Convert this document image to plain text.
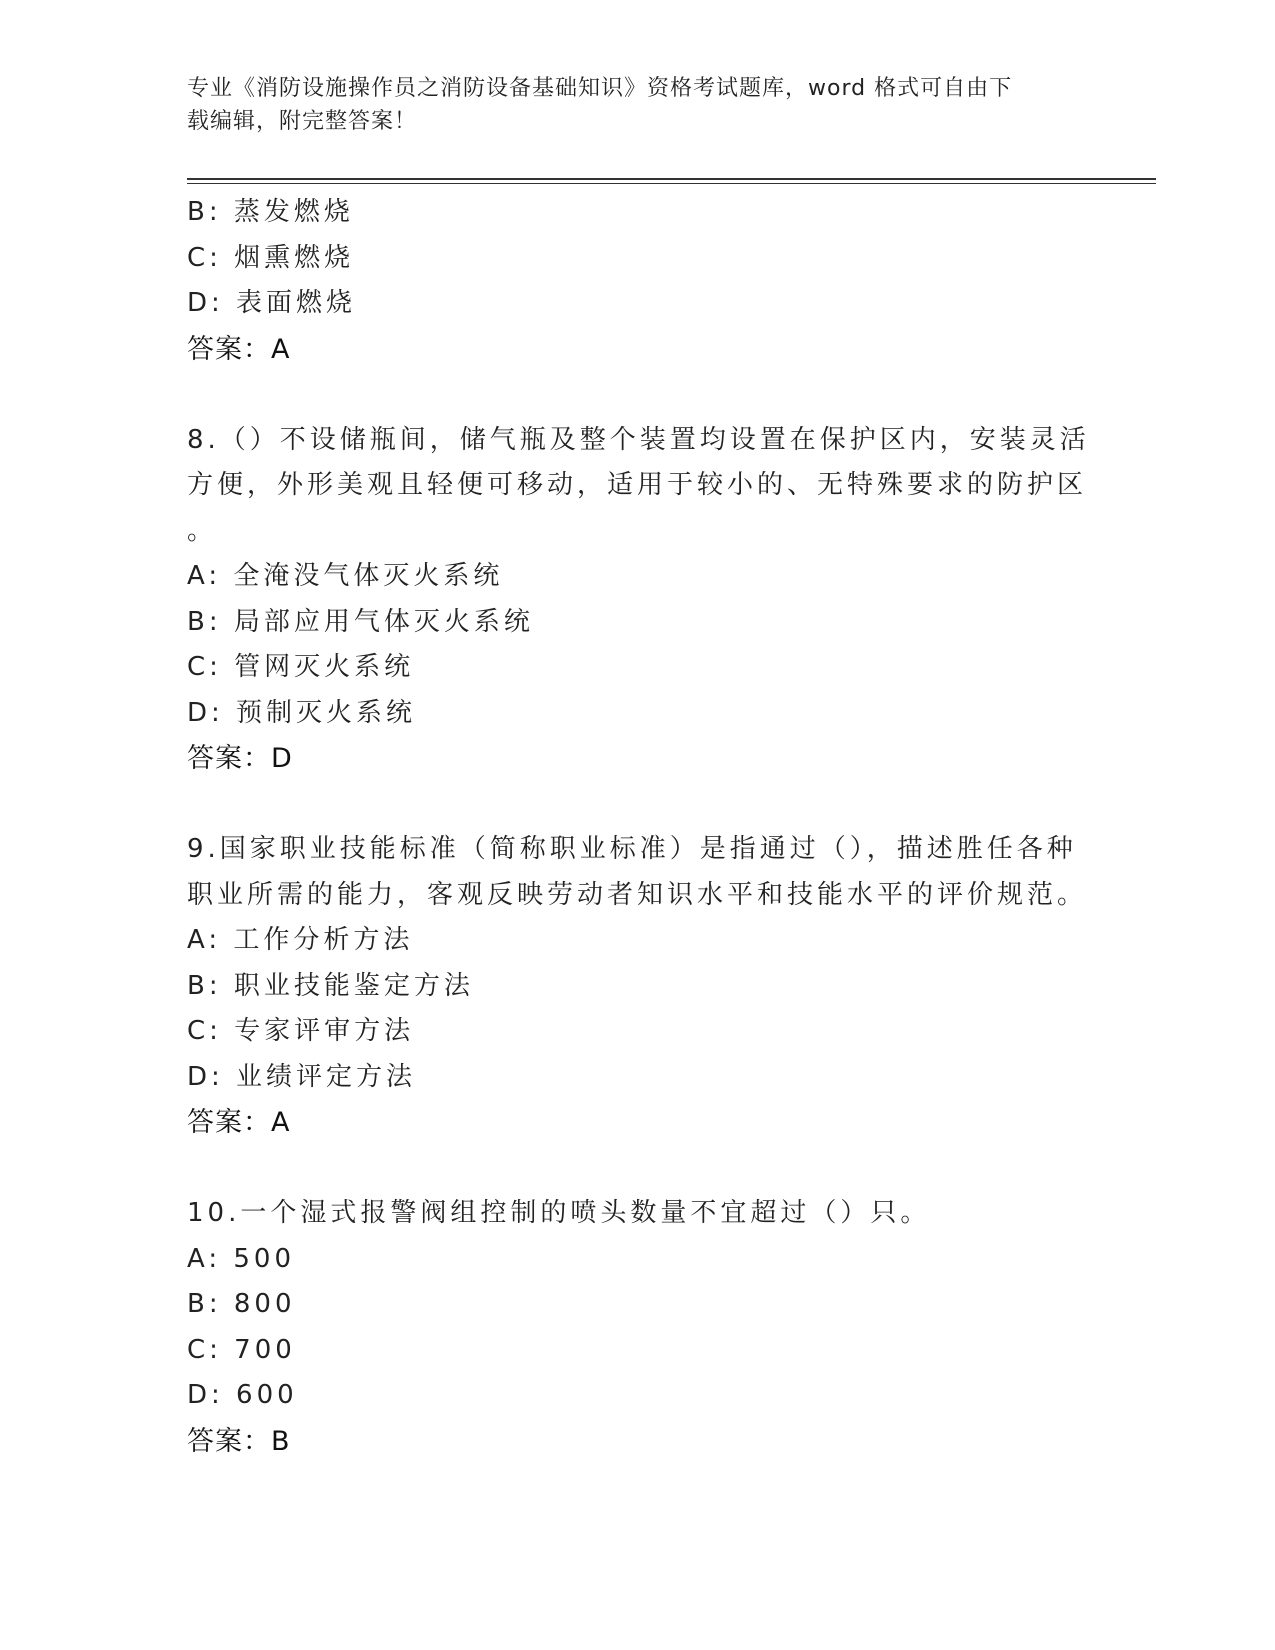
专业《消防设施操作员之消防设备基础知识》资格考试题库，word 格式可自由下
载编辑，附完整答案！
B: 蒸发燃烧
C: 烟熏燃烧
D: 表面燃烧
答案：A
8.（）不设储瓶间，储气瓶及整个装置均设置在保护区内，安装灵活
方便，外形美观且轻便可移动，适用于较小的、无特殊要求的防护区
。
A: 全淹没气体灭火系统
B: 局部应用气体灭火系统
C: 管网灭火系统
D: 预制灭火系统
答案：D
9.国家职业技能标准（简称职业标准）是指通过（），描述胜任各种
职业所需的能力，客观反映劳动者知识水平和技能水平的评价规范。
A: 工作分析方法
B: 职业技能鉴定方法
C: 专家评审方法
D: 业绩评定方法
答案：A
10.一个湿式报警阀组控制的喷头数量不宜超过（）只。
A: 500
B: 800
C: 700
D: 600
答案：B
